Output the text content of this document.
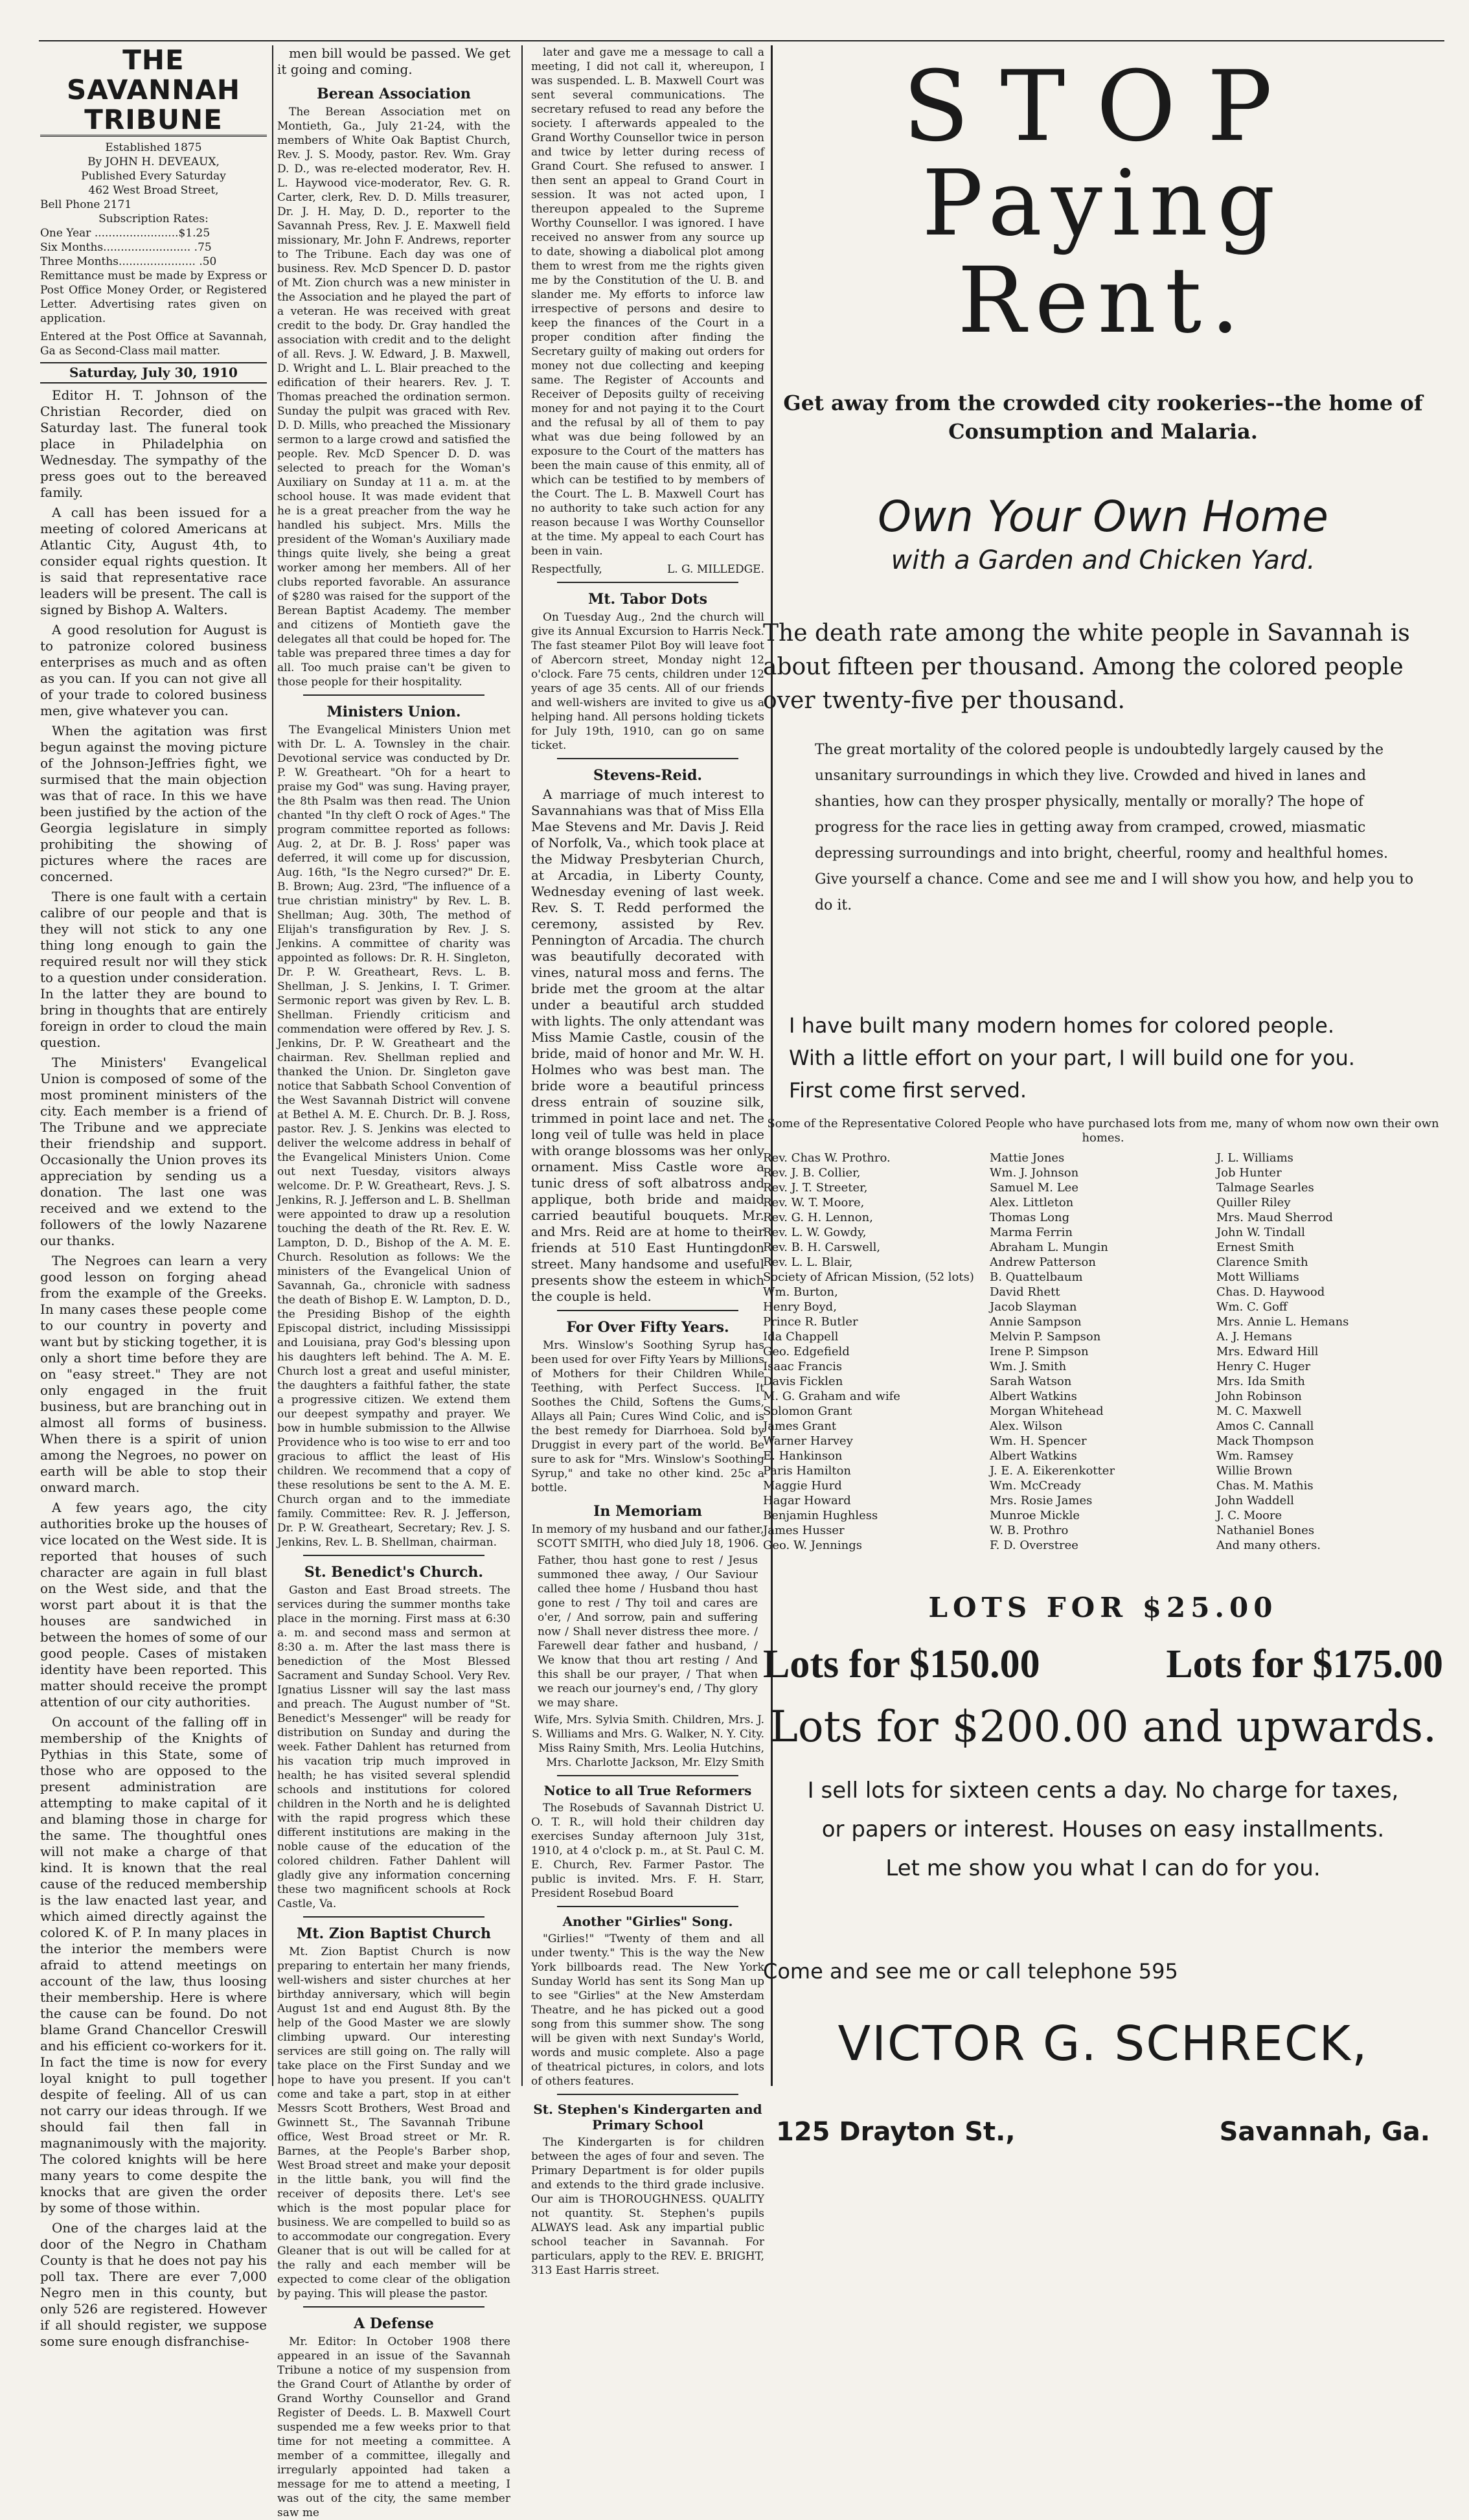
THE SAVANNAH TRIBUNE
Established 1875
By JOHN H. DEVEAUX,
Published Every Saturday
462 West Broad Street,
Bell Phone 2171
Subscription Rates:
One Year ........................$1.25
Six Months......................... .75
Three Months...................... .50
Remittance must be made by Express or Post Office Money Order, or Registered Letter. Advertising rates given on application.
Entered at the Post Office at Savannah, Ga as Second-Class mail matter.
Saturday, July 30, 1910

Editor H. T. Johnson of the Christian Recorder, died on Saturday last. The funeral took place in Philadelphia on Wednesday. The sympathy of the press goes out to the bereaved family.

A call has been issued for a meeting of colored Americans at Atlantic City, August 4th, to consider equal rights question. It is said that representative race leaders will be present. The call is signed by Bishop A. Walters.

A good resolution for August is to patronize colored business enterprises as much and as often as you can. If you can not give all of your trade to colored business men, give whatever you can.

When the agitation was first begun against the moving picture of the Johnson-Jeffries fight, we surmised that the main objection was that of race. In this we have been justified by the action of the Georgia legislature in simply prohibiting the showing of pictures where the races are concerned.

There is one fault with a certain calibre of our people and that is they will not stick to any one thing long enough to gain the required result nor will they stick to a question under consideration. In the latter they are bound to bring in thoughts that are entirely foreign in order to cloud the main question.

The Ministers' Evangelical Union is composed of some of the most prominent ministers of the city. Each member is a friend of The Tribune and we appreciate their friendship and support. Occasionally the Union proves its appreciation by sending us a donation. The last one was received and we extend to the followers of the lowly Nazarene our thanks.

The Negroes can learn a very good lesson on forging ahead from the example of the Greeks. In many cases these people come to our country in poverty and want but by sticking together, it is only a short time before they are on "easy street." They are not only engaged in the fruit business, but are branching out in almost all forms of business. When there is a spirit of union among the Negroes, no power on earth will be able to stop their onward march.

A few years ago, the city authorities broke up the houses of vice located on the West side. It is reported that houses of such character are again in full blast on the West side, and that the worst part about it is that the houses are sandwiched in between the homes of some of our good people. Cases of mistaken identity have been reported. This matter should receive the prompt attention of our city authorities.

On account of the falling off in membership of the Knights of Pythias in this State, some of those who are opposed to the present administration are attempting to make capital of it and blaming those in charge for the same. The thoughtful ones will not make a charge of that kind. It is known that the real cause of the reduced membership is the law enacted last year, and which aimed directly against the colored K. of P. In many places in the interior the members were afraid to attend meetings on account of the law, thus loosing their membership. Here is where the cause can be found. Do not blame Grand Chancellor Creswill and his efficient co-workers for it. In fact the time is now for every loyal knight to pull together despite of feeling. All of us can not carry our ideas through. If we should fail then fall in magnanimously with the majority. The colored knights will be here many years to come despite the knocks that are given the order by some of those within.

One of the charges laid at the door of the Negro in Chatham County is that he does not pay his poll tax. There are ever 7,000 Negro men in this county, but only 526 are registered. However if all should register, we suppose some sure enough disfranchise-

men bill would be passed. We get it going and coming.

Berean Association

The Berean Association met on Montieth, Ga., July 21-24, with the members of White Oak Baptist Church, Rev. J. S. Moody, pastor. Rev. Wm. Gray D. D., was re-elected moderator, Rev. H. L. Haywood vice-moderator, Rev. G. R. Carter, clerk, Rev. D. D. Mills treasurer, Dr. J. H. May, D. D., reporter to the Savannah Press, Rev. J. E. Maxwell field missionary, Mr. John F. Andrews, reporter to The Tribune. Each day was one of business. Rev. McD Spencer D. D. pastor of Mt. Zion church was a new minister in the Association and he played the part of a veteran. He was received with great credit to the body. Dr. Gray handled the association with credit and to the delight of all. Revs. J. W. Edward, J. B. Maxwell, D. Wright and L. L. Blair preached to the edification of their hearers. Rev. J. T. Thomas preached the ordination sermon. Sunday the pulpit was graced with Rev. D. D. Mills, who preached the Missionary sermon to a large crowd and satisfied the people. Rev. McD Spencer D. D. was selected to preach for the Woman's Auxiliary on Sunday at 11 a. m. at the school house. It was made evident that he is a great preacher from the way he handled his subject. Mrs. Mills the president of the Woman's Auxiliary made things quite lively, she being a great worker among her members. All of her clubs reported favorable. An assurance of $280 was raised for the support of the Berean Baptist Academy. The member and citizens of Montieth gave the delegates all that could be hoped for. The table was prepared three times a day for all. Too much praise can't be given to those people for their hospitality.

Ministers Union.

The Evangelical Ministers Union met with Dr. L. A. Townsley in the chair. Devotional service was conducted by Dr. P. W. Greatheart. "Oh for a heart to praise my God" was sung. Having prayer, the 8th Psalm was then read. The Union chanted "In thy cleft O rock of Ages." The program committee reported as follows: Aug. 2, at Dr. B. J. Ross' paper was deferred, it will come up for discussion, Aug. 16th, "Is the Negro cursed?" Dr. E. B. Brown; Aug. 23rd, "The influence of a true christian ministry" by Rev. L. B. Shellman; Aug. 30th, The method of Elijah's transfiguration by Rev. J. S. Jenkins. A committee of charity was appointed as follows: Dr. R. H. Singleton, Dr. P. W. Greatheart, Revs. L. B. Shellman, J. S. Jenkins, I. T. Grimer. Sermonic report was given by Rev. L. B. Shellman. Friendly criticism and commendation were offered by Rev. J. S. Jenkins, Dr. P. W. Greatheart and the chairman. Rev. Shellman replied and thanked the Union. Dr. Singleton gave notice that Sabbath School Convention of the West Savannah District will convene at Bethel A. M. E. Church. Dr. B. J. Ross, pastor. Rev. J. S. Jenkins was elected to deliver the welcome address in behalf of the Evangelical Ministers Union. Come out next Tuesday, visitors always welcome. Dr. P. W. Greatheart, Revs. J. S. Jenkins, R. J. Jefferson and L. B. Shellman were appointed to draw up a resolution touching the death of the Rt. Rev. E. W. Lampton, D. D., Bishop of the A. M. E. Church. Resolution as follows: We the ministers of the Evangelical Union of Savannah, Ga., chronicle with sadness the death of Bishop E. W. Lampton, D. D., the Presiding Bishop of the eighth Episcopal district, including Mississippi and Louisiana, pray God's blessing upon his daughters left behind. The A. M. E. Church lost a great and useful minister, the daughters a faithful father, the state a progressive citizen. We extend them our deepest sympathy and prayer. We bow in humble submission to the Allwise Providence who is too wise to err and too gracious to afflict the least of His children. We recommend that a copy of these resolutions be sent to the A. M. E. Church organ and to the immediate family. Committee: Rev. R. J. Jefferson, Dr. P. W. Greatheart, Secretary; Rev. J. S. Jenkins, Rev. L. B. Shellman, chairman.

St. Benedict's Church.

Gaston and East Broad streets. The services during the summer months take place in the morning. First mass at 6:30 a. m. and second mass and sermon at 8:30 a. m. After the last mass there is benediction of the Most Blessed Sacrament and Sunday School. Very Rev. Ignatius Lissner will say the last mass and preach. The August number of "St. Benedict's Messenger" will be ready for distribution on Sunday and during the week. Father Dahlent has returned from his vacation trip much improved in health; he has visited several splendid schools and institutions for colored children in the North and he is delighted with the rapid progress which these different institutions are making in the noble cause of the education of the colored children. Father Dahlent will gladly give any information concerning these two magnificent schools at Rock Castle, Va.

Mt. Zion Baptist Church

Mt. Zion Baptist Church is now preparing to entertain her many friends, well-wishers and sister churches at her birthday anniversary, which will begin August 1st and end August 8th. By the help of the Good Master we are slowly climbing upward. Our interesting services are still going on. The rally will take place on the First Sunday and we hope to have you present. If you can't come and take a part, stop in at either Messrs Scott Brothers, West Broad and Gwinnett St., The Savannah Tribune office, West Broad street or Mr. R. Barnes, at the People's Barber shop, West Broad street and make your deposit in the little bank, you will find the receiver of deposits there. Let's see which is the most popular place for business. We are compelled to build so as to accommodate our congregation. Every Gleaner that is out will be called for at the rally and each member will be expected to come clear of the obligation by paying. This will please the pastor.

A Defense

Mr. Editor: In October 1908 there appeared in an issue of the Savannah Tribune a notice of my suspension from the Grand Court of Atlanthe by order of Grand Worthy Counsellor and Grand Register of Deeds. L. B. Maxwell Court suspended me a few weeks prior to that time for not meeting a committee. A member of a committee, illegally and irregularly appointed had taken a message for me to attend a meeting, I was out of the city, the same member saw me

later and gave me a message to call a meeting, I did not call it, whereupon, I was suspended. L. B. Maxwell Court was sent several communications. The secretary refused to read any before the society. I afterwards appealed to the Grand Worthy Counsellor twice in person and twice by letter during recess of Grand Court. She refused to answer. I then sent an appeal to Grand Court in session. It was not acted upon, I thereupon appealed to the Supreme Worthy Counsellor. I was ignored. I have received no answer from any source up to date, showing a diabolical plot among them to wrest from me the rights given me by the Constitution of the U. B. and slander me. My efforts to inforce law irrespective of persons and desire to keep the finances of the Court in a proper condition after finding the Secretary guilty of making out orders for money not due collecting and keeping same. The Register of Accounts and Receiver of Deposits guilty of receiving money for and not paying it to the Court and the refusal by all of them to pay what was due being followed by an exposure to the Court of the matters has been the main cause of this enmity, all of which can be testified to by members of the Court. The L. B. Maxwell Court has no authority to take such action for any reason because I was Worthy Counsellor at the time. My appeal to each Court has been in vain.

Respectfully,	L. G. MILLEDGE.
Mt. Tabor Dots

On Tuesday Aug., 2nd the church will give its Annual Excursion to Harris Neck. The fast steamer Pilot Boy will leave foot of Abercorn street, Monday night 12 o'clock. Fare 75 cents, children under 12 years of age 35 cents. All of our friends and well-wishers are invited to give us a helping hand. All persons holding tickets for July 19th, 1910, can go on same ticket.

Stevens-Reid.

A marriage of much interest to Savannahians was that of Miss Ella Mae Stevens and Mr. Davis J. Reid of Norfolk, Va., which took place at the Midway Presbyterian Church, at Arcadia, in Liberty County, Wednesday evening of last week. Rev. S. T. Redd performed the ceremony, assisted by Rev. Pennington of Arcadia. The church was beautifully decorated with vines, natural moss and ferns. The bride met the groom at the altar under a beautiful arch studded with lights. The only attendant was Miss Mamie Castle, cousin of the bride, maid of honor and Mr. W. H. Holmes who was best man. The bride wore a beautiful princess dress entrain of souzine silk, trimmed in point lace and net. The long veil of tulle was held in place with orange blossoms was her only ornament. Miss Castle wore a tunic dress of soft albatross and applique, both bride and maid carried beautiful bouquets. Mr. and Mrs. Reid are at home to their friends at 510 East Huntingdon street. Many handsome and useful presents show the esteem in which the couple is held.

For Over Fifty Years.

Mrs. Winslow's Soothing Syrup has been used for over Fifty Years by Millions of Mothers for their Children While Teething, with Perfect Success. It Soothes the Child, Softens the Gums, Allays all Pain; Cures Wind Colic, and is the best remedy for Diarrhoea. Sold by Druggist in every part of the world. Be sure to ask for "Mrs. Winslow's Soothing Syrup," and take no other kind. 25c a bottle.

In Memoriam
In memory of my husband and our father, SCOTT SMITH, who died July 18, 1906.
Father, thou hast gone to rest / Jesus summoned thee away, / Our Saviour called thee home / Husband thou hast gone to rest / Thy toil and cares are o'er, / And sorrow, pain and suffering now / Shall never distress thee more. / Farewell dear father and husband, / We know that thou art resting / And this shall be our prayer, / That when we reach our journey's end, / Thy glory we may share.
Wife, Mrs. Sylvia Smith. Children, Mrs. J. S. Williams and Mrs. G. Walker, N. Y. City. Miss Rainy Smith, Mrs. Leolia Hutchins, Mrs. Charlotte Jackson, Mr. Elzy Smith
Notice to all True Reformers

The Rosebuds of Savannah District U. O. T. R., will hold their children day exercises Sunday afternoon July 31st, 1910, at 4 o'clock p. m., at St. Paul C. M. E. Church, Rev. Farmer Pastor. The public is invited. Mrs. F. H. Starr, President Rosebud Board

Another "Girlies" Song.

"Girlies!" "Twenty of them and all under twenty." This is the way the New York billboards read. The New York Sunday World has sent its Song Man up to see "Girlies" at the New Amsterdam Theatre, and he has picked out a good song from this summer show. The song will be given with next Sunday's World, words and music complete. Also a page of theatrical pictures, in colors, and lots of others features.

St. Stephen's Kindergarten and Primary School

The Kindergarten is for children between the ages of four and seven. The Primary Department is for older pupils and extends to the third grade inclusive. Our aim is THOROUGHNESS. QUALITY not quantity. St. Stephen's pupils ALWAYS lead. Ask any impartial public school teacher in Savannah. For particulars, apply to the REV. E. BRIGHT, 313 East Harris street.

STOP
Paying Rent.
Get away from the crowded city rookeries--the home of Consumption and Malaria.
Own Your Own Home
with a Garden and Chicken Yard.
The death rate among the white people in Savannah is about fifteen per thousand. Among the colored people over twenty-five per thousand.
The great mortality of the colored people is undoubtedly largely caused by the unsanitary surroundings in which they live. Crowded and hived in lanes and shanties, how can they prosper physically, mentally or morally? The hope of progress for the race lies in getting away from cramped, crowed, miasmatic depressing surroundings and into bright, cheerful, roomy and healthful homes. Give yourself a chance. Come and see me and I will show you how, and help you to do it.
I have built many modern homes for colored people.
With a little effort on your part, I will build one for you.
First come first served.
Some of the Representative Colored People who have purchased lots from me, many of whom now own their own homes.
Rev. Chas W. Prothro.
Rev. J. B. Collier,
Rev. J. T. Streeter,
Rev. W. T. Moore,
Rev. G. H. Lennon,
Rev. L. W. Gowdy,
Rev. B. H. Carswell,
Rev. L. L. Blair,
Society of African Mission, (52 lots)
Wm. Burton,
Henry Boyd,
Prince R. Butler
Ida Chappell
Geo. Edgefield
Isaac Francis
Davis Ficklen
M. G. Graham and wife
Solomon Grant
James Grant
Warner Harvey
E. Hankinson
Paris Hamilton
Maggie Hurd
Hagar Howard
Benjamin Hughless
James Husser
Geo. W. Jennings
Mattie Jones
Wm. J. Johnson
Samuel M. Lee
Alex. Littleton
Thomas Long
Marma Ferrin
Abraham L. Mungin
Andrew Patterson
B. Quattelbaum
David Rhett
Jacob Slayman
Annie Sampson
Melvin P. Sampson
Irene P. Simpson
Wm. J. Smith
Sarah Watson
Albert Watkins
Morgan Whitehead
Alex. Wilson
Wm. H. Spencer
Albert Watkins
J. E. A. Eikerenkotter
Wm. McCready
Mrs. Rosie James
Munroe Mickle
W. B. Prothro
F. D. Overstree
J. L. Williams
Job Hunter
Talmage Searles
Quiller Riley
Mrs. Maud Sherrod
John W. Tindall
Ernest Smith
Clarence Smith
Mott Williams
Chas. D. Haywood
Wm. C. Goff
Mrs. Annie L. Hemans
A. J. Hemans
Mrs. Edward Hill
Henry C. Huger
Mrs. Ida Smith
John Robinson
M. C. Maxwell
Amos C. Cannall
Mack Thompson
Wm. Ramsey
Willie Brown
Chas. M. Mathis
John Waddell
J. C. Moore
Nathaniel Bones
And many others.
LOTS FOR $25.00
Lots for $150.00	Lots for $175.00
Lots for $200.00 and upwards.
I sell lots for sixteen cents a day. No charge for taxes,
or papers or interest. Houses on easy installments.
Let me show you what I can do for you.
Come and see me or call telephone 595
VICTOR G. SCHRECK,
125 Drayton St.,	Savannah, Ga.
